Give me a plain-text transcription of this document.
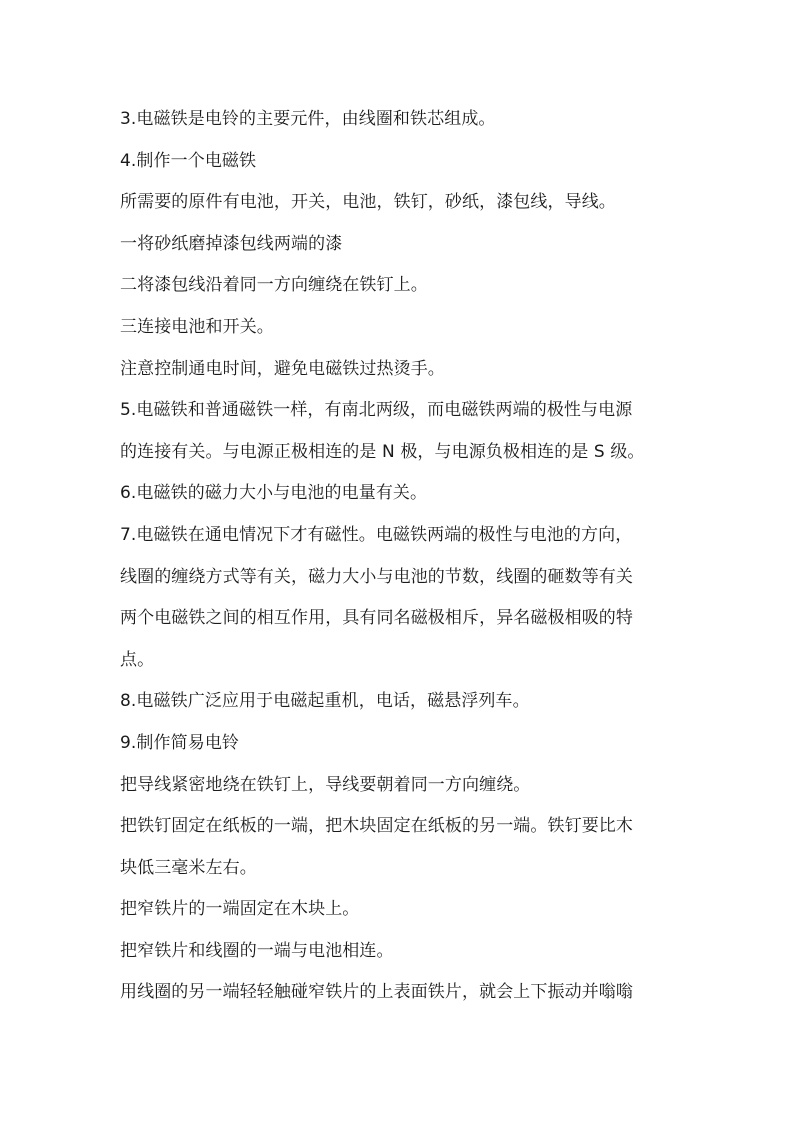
3.电磁铁是电铃的主要元件，由线圈和铁芯组成。
4.制作一个电磁铁
所需要的原件有电池，开关，电池，铁钉，砂纸，漆包线，导线。
一将砂纸磨掉漆包线两端的漆
二将漆包线沿着同一方向缠绕在铁钉上。
三连接电池和开关。
注意控制通电时间，避免电磁铁过热烫手。
5.电磁铁和普通磁铁一样，有南北两级，而电磁铁两端的极性与电源
的连接有关。与电源正极相连的是 N 极，与电源负极相连的是 S 级。
6.电磁铁的磁力大小与电池的电量有关。
7.电磁铁在通电情况下才有磁性。电磁铁两端的极性与电池的方向，
线圈的缠绕方式等有关，磁力大小与电池的节数，线圈的砸数等有关
两个电磁铁之间的相互作用，具有同名磁极相斥，异名磁极相吸的特
点。
8.电磁铁广泛应用于电磁起重机，电话，磁悬浮列车。
9.制作简易电铃
把导线紧密地绕在铁钉上，导线要朝着同一方向缠绕。
把铁钉固定在纸板的一端，把木块固定在纸板的另一端。铁钉要比木
块低三毫米左右。
把窄铁片的一端固定在木块上。
把窄铁片和线圈的一端与电池相连。
用线圈的另一端轻轻触碰窄铁片的上表面铁片，就会上下振动并嗡嗡
